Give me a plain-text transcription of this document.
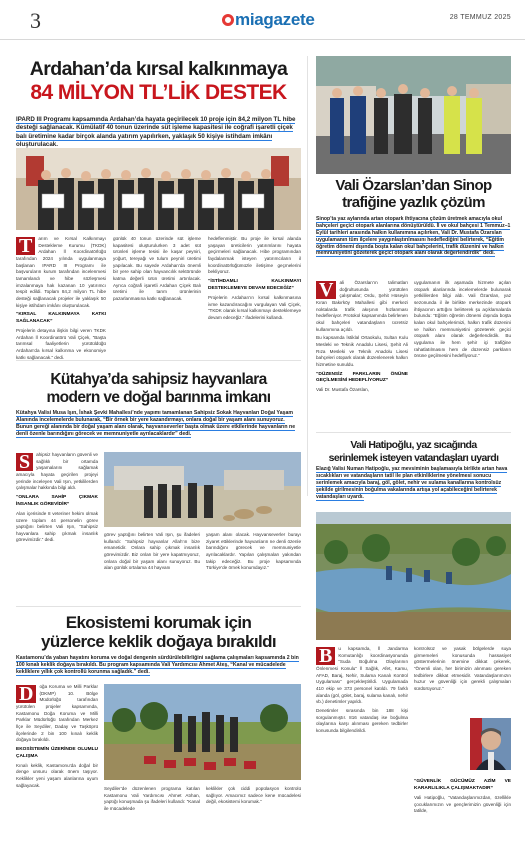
3	miagazete	28 TEMMUZ 2025
Ardahan’da kırsal kalkınmaya
84 MİLYON TL’LİK DESTEK
IPARD III Programı kapsamında Ardahan’da hayata geçirilecek 10 proje için 84,2 milyon TL hibe desteği sağlanacak. Kümülatif 40 tonun üzerinde süt işleme kapasitesi ile coğrafi işaretli çiçek balı üretimine kadar birçok alanda yatırım yapılırken, yaklaşık 50 kişiye istihdam imkânı oluşturulacak.
T	arım ve Kırsal Kalkınmayı Destekleme Kurumu (TKDK) Ardahan İl Koordinatörlüğü tarafından 2024 yılında uygulanmaya başlanan IPARD III Programı ile başvuruların kurum tarafından incelenmesi tamamlandı ve hibe sözleşmesi imzalanmaya hak kazanan 10 yatırımcı tespit edildi. Toplam 84,2 milyon TL hibe desteği sağlanacak projeler ile yaklaşık 50 kişiye istihdam imkânı oluşturulacak.
“KIRSAL KALKINMAYA KATKI SAĞLANACAK”
Projelerin detayına ilişkin bilgi veren TKDK Ardahan İl Koordinatörü Vali Çiçek, “Başta tarımsal faaliyetlerin yürütüldüğü Ardahan’da kırsal kalkınma ve ekonomiye katkı sağlanacak.” dedi.
günlük 40 tonun üzerinde süt işleme kapasitesi oluşturulurken 3 adet süt ürünleri işleme tesisi ile kaşar peyniri, yoğurt, tereyağı ve tulum peyniri üretimi yapılacak. Bu sayede Ardahan’da önemli bir yere sahip olan hayvancılık sektöründe katma değerli ürün üretimi artırılacak. Ayrıca coğrafi işaretli Ardahan Çiçek Balı üretimi ile tarım ürünlerinin pazarlanmasına katkı sağlanacak.
hedeflenmiştir. Bu proje ile kırsal alanda yaşayan üreticilerin yatırımlarını hayata geçirmeleri sağlanacak. Hibe programından faydalanmak isteyen yatırımcıların il koordinatörlüğümüzle iletişime geçmelerini bekliyoruz.
“İSTİHDAMLI KALKINMAYI DESTEKLEMEYE DEVAM EDECEĞİZ”
Projelerin Ardahan’ın kırsal kalkınmasına ivme kazandıracağını vurgulayan Vali Çiçek, “TKDK olarak kırsal kalkınmayı desteklemeye devam edeceğiz.” ifadelerini kullandı.
Kütahya’da sahipsiz hayvanlara
modern ve doğal barınma imkanı
Kütahya Valisi Musa Işın, İshak Şevki Mahallesi’nde yapımı tamamlanan Sahipsiz Sokak Hayvanları Doğal Yaşam Alanında incelemelerde bulunarak, “Bir örnek bir yere kazandırmayı, onlara doğal bir yaşam alanı sunuyoruz. Bunun gereği alanında bir doğal yaşam alanı olarak, hayvanseverler başta olmak üzere etkilerinde hayvanların ne denli özenle barındığını görecek ve memnuniyetle ayrılacaklardır” dedi.
S	ahipsiz hayvanların güvenli ve sağlıklı bir ortamda yaşamalarını sağlamak amacıyla hayata geçirilen projeyi yerinde inceleyen Vali Işın, yetkililerden çalışmalar hakkında bilgi aldı.
“ONLARA SAHİP ÇIKMAK İNSANLIK GÖREVİDİR”
Alan içerisinde 8 veteriner hekim olmak üzere toplam 44 personelin görev yaptığını belirten Vali Işın, “Sahipsiz hayvanlara sahip çıkmak insanlık görevimizdir.” dedi.
görev yaptığını belirten Vali Işın, şu ifadeleri kullandı: “Sahipsiz hayvanlar Allah’ın bize emanetidir. Onlara sahip çıkmak insanlık görevimizdir. Biz onları bir yere kapatmıyoruz, onlara doğal bir yaşam alanı sunuyoruz. Bu alan günlük ortalama 44 hayvanı
yaşam alanı olacak. Hayvanseverler burayı ziyaret ettiklerinde hayvanların ne denli özenle barındığını görecek ve memnuniyetle ayrılacaklardır. Yapılan çalışmaları yakından takip edeceğiz. Bu proje kapsamında Türkiye’de örnek konumdayız.”
Ekosistemi korumak için
yüzlerce keklik doğaya bırakıldı
Kastamonu’da yaban hayatını koruma ve doğal dengenin sürdürülebilirliğini sağlama çalışmaları kapsamında 2 bin 100 kınalı keklik doğaya bırakıldı. Bu program kapsamında Vali Yardımcısı Ahmet Ateş, “Kanal ve mücadelede kekliklere yıllık çok kontrollü korunma sağladık.” dedi.
D	oğa Koruma ve Milli Parklar (DKMP) 10. Bölge Müdürlüğü tarafından yürütülen projeler kapsamında, Kastamonu Doğa Koruma ve Milli Parklar Müdürlüğü tarafından Merkez İlçe ile Seydiler, Daday ve Taşköprü ilçelerinde 2 bin 100 kınalı keklik doğaya bırakıldı.
EKOSİSTEMİN ÜZERİNDE OLUMLU ÇALIŞMA
Kınalı keklik, Kastamonu’da doğal bir denge unsuru olarak önem taşıyor. Keklikler yeni yaşam alanlarına uyum sağlayacak.
Seydiler’de düzenlenen programa katılan Kastamonu Vali Yardımcısı Ahmet Atıhan, yaptığı konuşmada şu ifadeleri kullandı: “Kanal ile mücadelede
keklikler çok ciddi popülasyon kontrolü sağlıyor. Amacımız sadece kene mücadelesi değil, ekosistemi korumak.”
Vali Özarslan’dan Sinop
trafiğine yazlık çözüm
Sinop’ta yaz aylarında artan otopark ihtiyacına çözüm üretmek amacıyla okul bahçeleri geçici otopark alanlarına dönüştürüldü. İl ve okul bahçesi 1 Temmuz–1 Eylül tarihleri arasında halkın kullanımına açılırken, Vali Dr. Mustafa Özarslan uygulamanın tüm ilçelere yaygınlaştırılmasını hedeflediğini belirterek, “Eğitim öğretim dönemi dışında boşta kalan okul bahçelerini, trafik düzenini ve halkın memnuniyetini gözeterek geçici otopark alanı olarak değerlendirdik” dedi.
V	ali Özarslan’ın talimatları doğrultusunda yürütülen çalışmalar; Ordu, Şehit Hüseyin Kıran Bakırköy Mahallesi gibi merkezi noktalarda trafik akışının hızlanması hedefleniyor. Protokol kapsamında belirlenen okul bahçeleri vatandaşların ücretsiz kullanımına açıldı.
Bu kapsamda İstiklal Ortaokulu, Sultan Kulu Mesleki ve Teknik Anadolu Lisesi, Şehit Ali Rıza Mesleki ve Teknik Anadolu Lisesi bahçeleri otopark olarak düzenlenerek halkın hizmetine sunuldu.
“DÜZENSİZ PARKLARIN ÖNÜNE GEÇİLMESİNİ HEDEFLİYORUZ”
Vali Dr. Mustafa Özarslan,
uygulamanın ilk aşamada hizmete açılan otopark alanlarında incelemelerde bulunarak yetkililerden bilgi aldı. Vali Özarslan, yaz sezonunda il ile birlikte merkezinde otopark ihtiyacının arttığını belirterek şu açıklamalarda bulundu: “Eğitim öğretim dönemi dışında boşta kalan okul bahçelerimizi, halkın trafik düzenini ve halkın memnuniyetini gözeterek geçici otopark alanı olarak değerlendirdik. Bu uygulama ile hem şehir içi trafiğine rahatlatılmasını hem de düzensiz parkların önüne geçilmesini hedefliyoruz.”
Vali Hatipoğlu, yaz sıcağında
serinlemek isteyen vatandaşları uyardı
Elazığ Valisi Numan Hatipoğlu, yaz mevsiminin başlamasıyla birlikte artan hava sıcaklıkları ve vatandaşların tatil ile plan etkinliklerine yönelmesi sonucu serinlemek amacıyla baraj, göl, gölet, nehir ve sulama kanallarına kontrolsüz şekilde girilmesinin boğulma vakalarında artışa yol açabileceğini belirterek vatandaşları uyardı.
B	u kapsamda, İl Jandarma Komutanlığı koordinasyonunda “Suda Boğulma Olaylarının Önlenmesi Konulu” İl Sağlık, Afet, Kamu, AFAD, Baraj, Nehir, Sulama Kanalı Kontrol Uygulaması” gerçekleştirildi. Uygulamada 410 ekip ve 373 personel katıldı. 79 farklı alanda (göl, gölet, baraj, sulama kanalı, nehir vb.) denetimler yapıldı.
Denetimler sırasında bin 188 kişi sorgulanmıştır. 816 vatandaş ise boğulma olaylarına karşı alınması gereken tedbirler konusunda bilgilendirildi.
kontrolsüz ve yasak bölgelerde suya girmemeleri konusunda hassasiyet göstermelerinin önemine dikkat çekerek, “Önemli olan, her birimizin alınması gereken tedbirlere dikkat etmesidir. Vatandaşlarımızın huzur ve güvenliği için gerekli çalışmaları sürdürüyoruz.”
“GÜVENLİK GÜCÜMÜZ AZİM VE KARARLILIKLA ÇALIŞMAKTADIR”
Vali Hatipoğlu, “Vatandaşlarımızdan, özellikle çocuklarımızın ve gençlerimizin güvenliği için tatilde,
